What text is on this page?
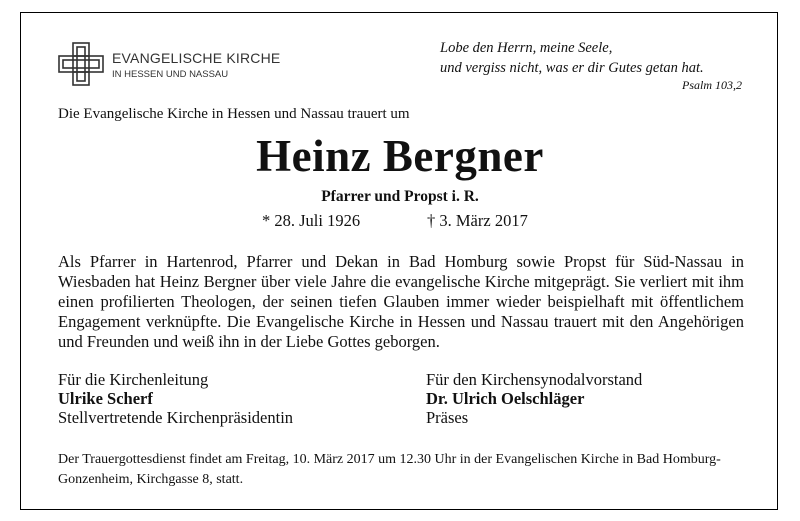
EVANGELISCHE KIRCHE
IN HESSEN UND NASSAU
Lobe den Herrn, meine Seele,
und vergiss nicht, was er dir Gutes getan hat.
Psalm 103,2
Die Evangelische Kirche in Hessen und Nassau trauert um
Heinz Bergner
Pfarrer und Propst i. R.
* 28. Juli 1926	† 3. März 2017
Als Pfarrer in Hartenrod, Pfarrer und Dekan in Bad Homburg sowie Propst für Süd-Nassau in Wiesbaden hat Heinz Bergner über viele Jahre die evangelische Kirche mitgeprägt. Sie verliert mit ihm einen profilierten Theologen, der seinen tiefen Glauben immer wieder beispielhaft mit öffentlichem Engagement verknüpfte. Die Evangelische Kirche in Hessen und Nassau trauert mit den Angehörigen und Freunden und weiß ihn in der Liebe Gottes geborgen.
Für die Kirchenleitung
Ulrike Scherf
Stellvertretende Kirchenpräsidentin
Für den Kirchensynodalvorstand
Dr. Ulrich Oelschläger
Präses
Der Trauergottesdienst findet am Freitag, 10. März 2017 um 12.30 Uhr in der Evangelischen Kirche in Bad Homburg-Gonzenheim, Kirchgasse 8, statt.
